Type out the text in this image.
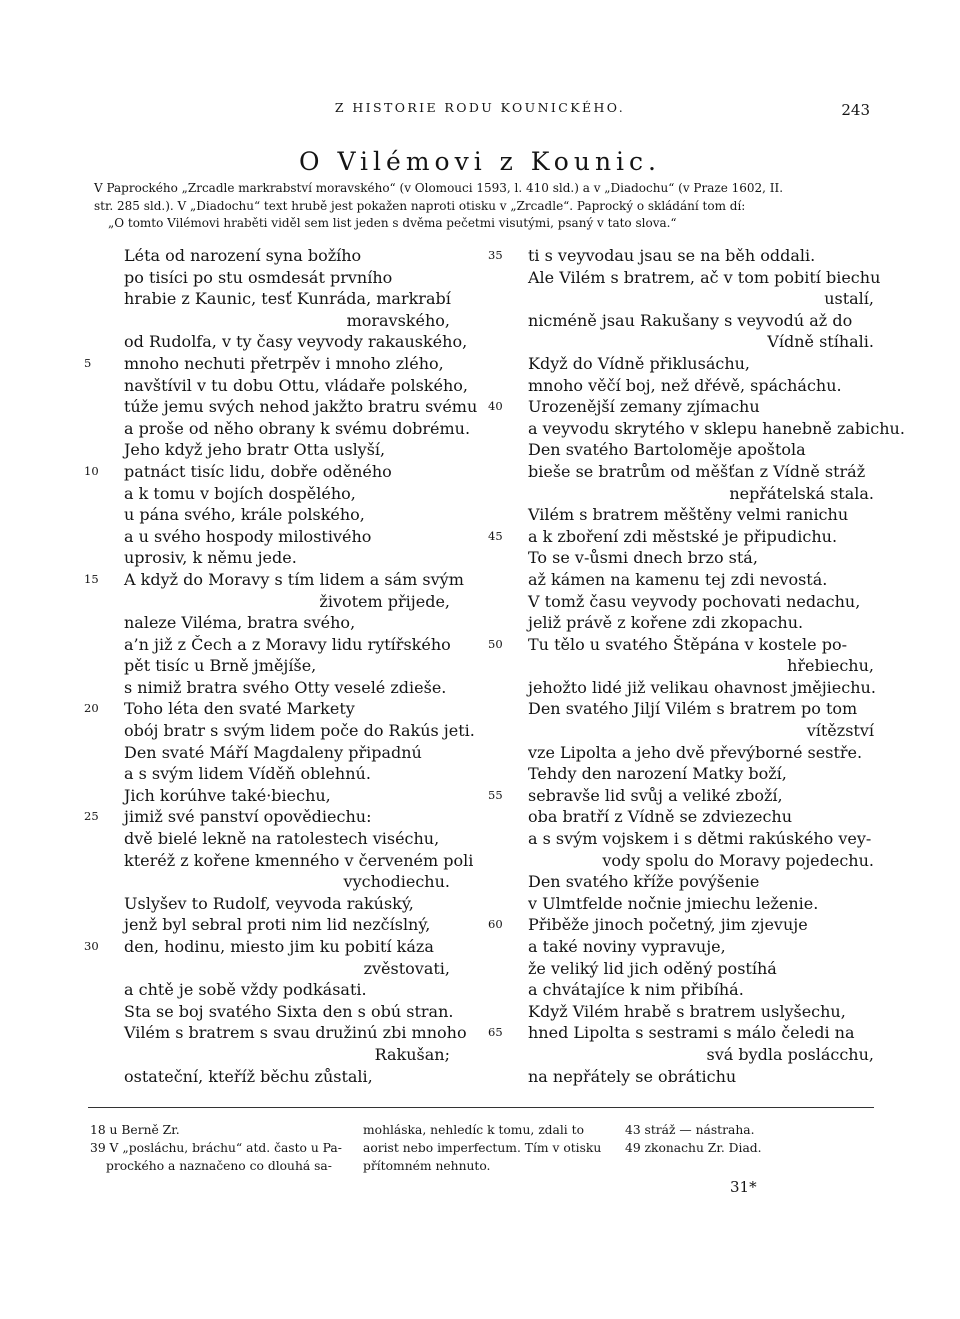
Z HISTORIE RODU KOUNICKÉHO.	243
O Vilémovi z Kounic.
V Paprockého „Zrcadle markrabství moravského“ (v Olomouci 1593, l. 410 sld.) a v „Diadochu“ (v Praze 1602, II.
str. 285 sld.). V „Diadochu“ text hrubě jest pokažen naproti otisku v „Zrcadle“. Paprocký o skládání tom dí:
„O tomto Vilémovi hraběti viděl sem list jeden s dvěma pečetmi visutými, psaný v tato slova.“
Léta od narození syna božího
po tisíci po stu osmdesát prvního
hrabie z Kaunic, tesť Kunráda, markrabí
moravského,
od Rudolfa, v ty časy veyvody rakauského,
5	mnoho nechuti přetrpěv i mnoho zlého,
navštívil v tu dobu Ottu, vládaře polského,
túže jemu svých nehod jakžto bratru svému
a proše od něho obrany k svému dobrému.
Jeho když jeho bratr Otta uslyší,
10	patnáct tisíc lidu, dobře oděného
a k tomu v bojích dospělého,
u pána svého, krále polského,
a u svého hospody milostivého
uprosiv, k němu jede.
15	A když do Moravy s tím lidem a sám svým
životem přijede,
naleze Viléma, bratra svého,
a’n již z Čech a z Moravy lidu rytířského
pět tisíc u Brně jmějíše,
s nimiž bratra svého Otty veselé zdieše.
20	Toho léta den svaté Markety
obój bratr s svým lidem poče do Rakús jeti.
Den svaté Máří Magdaleny připadnú
a s svým lidem Víděň oblehnú.
Jich korúhve také·biechu,
25	jimiž své panství opovědiechu:
dvě bielé lekně na ratolestech viséchu,
kteréž z kořene kmenného v červeném poli
vychodiechu.
Uslyšev to Rudolf, veyvoda rakúský,
jenž byl sebral proti nim lid nezčíslný,
30	den, hodinu, miesto jim ku pobití káza
zvěstovati,
a chtě je sobě vždy podkásati.
Sta se boj svatého Sixta den s obú stran.
Vilém s bratrem s svau družinú zbi mnoho
Rakušan;
ostateční, kteříž běchu zůstali,
35	ti s veyvodau jsau se na běh oddali.
Ale Vilém s bratrem, ač v tom pobití biechu
ustalí,
nicméně jsau Rakušany s veyvodú až do
Vídně stíhali.
Když do Vídně přiklusáchu,
mnoho věčí boj, než dřévě, spácháchu.
40	Urozenější zemany zjímachu
a veyvodu skrytého v sklepu hanebně zabichu.
Den svatého Bartoloměje apoštola
bieše se bratrům od měšťan z Vídně stráž
nepřátelská stala.
Vilém s bratrem měštěny velmi ranichu
45	a k zboření zdi městské je připudichu.
To se v-ůsmi dnech brzo stá,
až kámen na kamenu tej zdi nevostá.
V tomž času veyvody pochovati nedachu,
jeliž právě z kořene zdi zkopachu.
50	Tu tělo u svatého Štěpána v kostele po-
hřebiechu,
jehožto lidé již velikau ohavnost jmějiechu.
Den svatého Jiljí Vilém s bratrem po tom
vítězství
vze Lipolta a jeho dvě převýborné sestře.
Tehdy den narození Matky boží,
55	sebravše lid svůj a veliké zboží,
oba bratří z Vídně se zdviezechu
a s svým vojskem i s dětmi rakúského vey-
vody spolu do Moravy pojedechu.
Den svatého kříže povýšenie
v Ulmtfelde nočnie jmiechu leženie.
60	Přiběže jinoch početný, jim zjevuje
a také noviny vypravuje,
že veliký lid jich oděný postíhá
a chvátajíce k nim přibíhá.
Když Vilém hrabě s bratrem uslyšechu,
65	hned Lipolta s sestrami s málo čeledi na
svá bydla poslácchu,
na nepřátely se obrátichu
18 u Berně Zr.
39 V „posláchu, bráchu“ atd. často u Pa-
prockého a naznačeno co dlouhá sa-
mohláska, nehledíc k tomu, zdali to
aorist nebo imperfectum. Tím v otisku
přítomném nehnuto.
43 stráž — nástraha.
49 zkonachu Zr. Diad.
31*
